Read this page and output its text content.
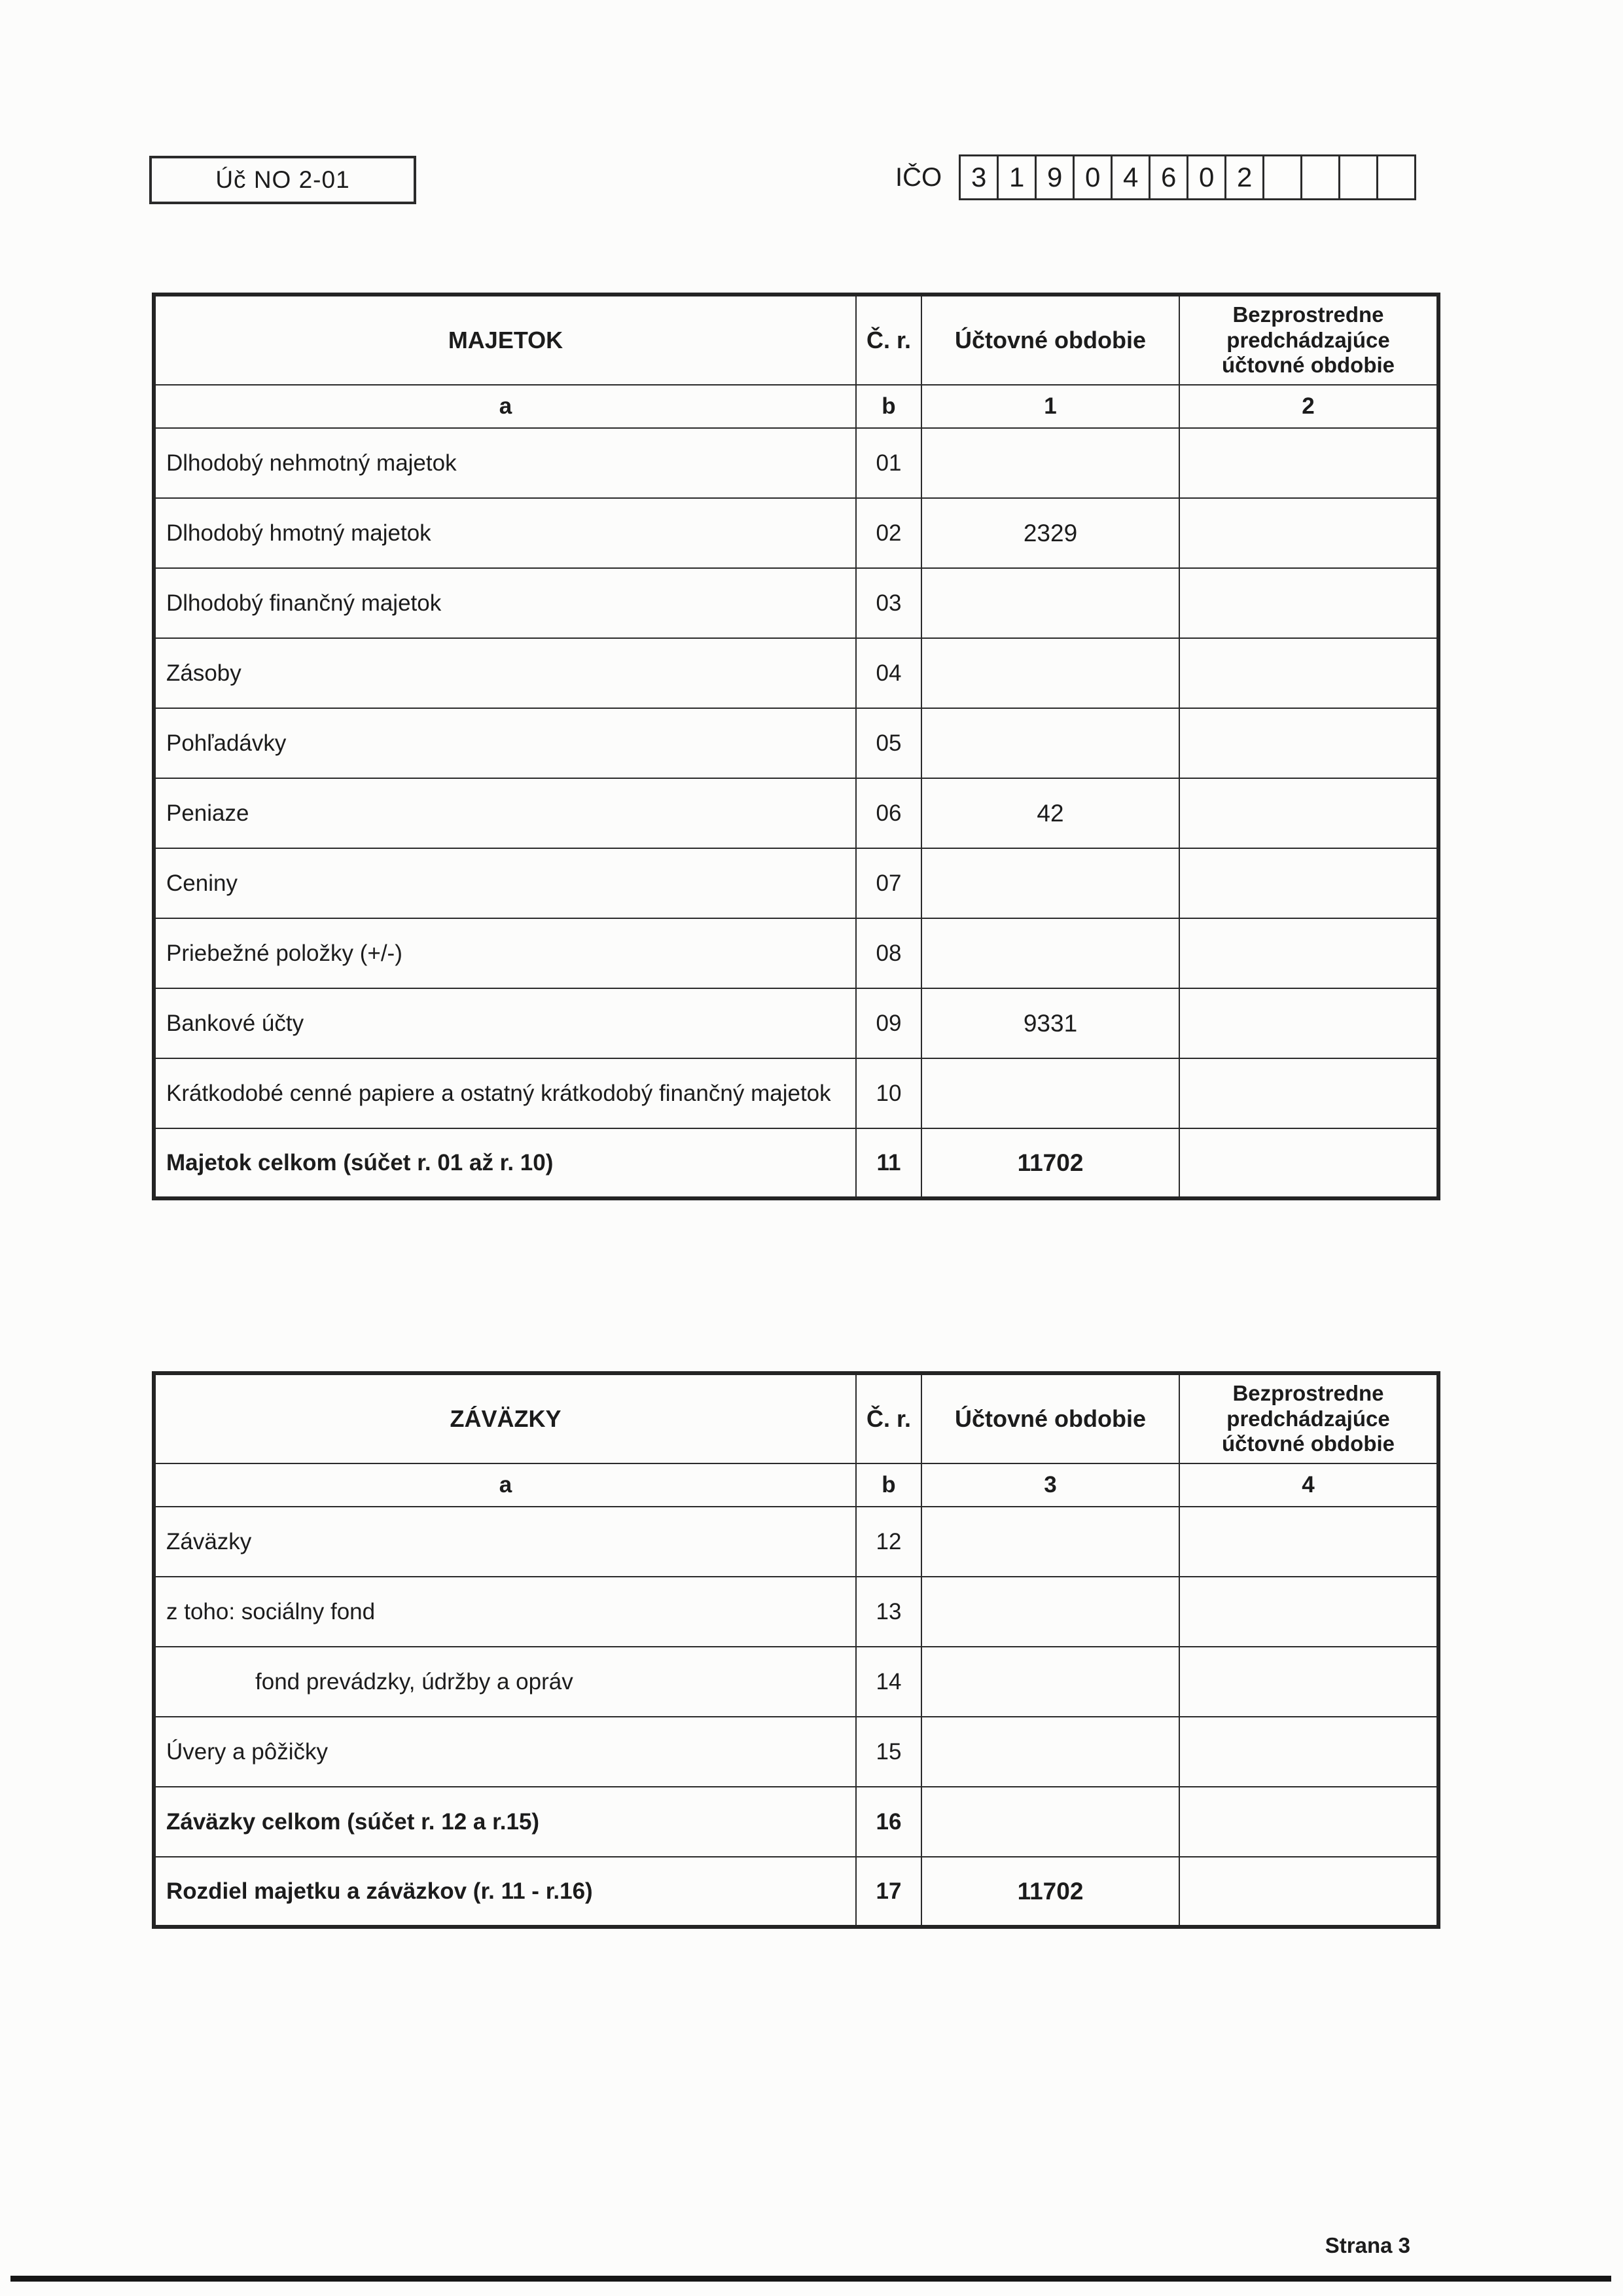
Úč NO 2-01	IČO	3 1 9 0 4 6 0 2
MAJETOK	Č. r.	Účtovné obdobie	Bezprostredne predchádzajúce účtovné obdobie
a	b	1	2
Dlhodobý nehmotný majetok	01		
Dlhodobý hmotný majetok	02	2329	
Dlhodobý finančný majetok	03		
Zásoby	04		
Pohľadávky	05		
Peniaze	06	42	
Ceniny	07		
Priebežné položky (+/-)	08		
Bankové účty	09	9331	
Krátkodobé cenné papiere a ostatný krátkodobý finančný majetok	10		
Majetok celkom (súčet r. 01 až r. 10)	11	11702	
ZÁVÄZKY	Č. r.	Účtovné obdobie	Bezprostredne predchádzajúce účtovné obdobie
a	b	3	4
Záväzky	12		
z toho: sociálny fond	13		
fond prevádzky, údržby a opráv	14		
Úvery a pôžičky	15		
Záväzky celkom (súčet r. 12 a r.15)	16		
Rozdiel majetku a záväzkov (r. 11 - r.16)	17	11702	
Strana 3
